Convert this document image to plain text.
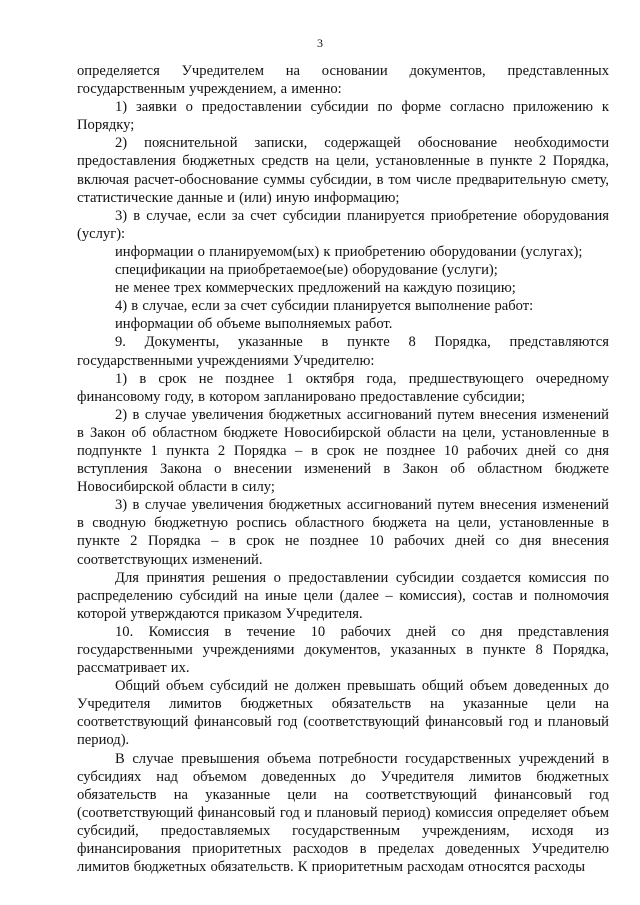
3

определяется Учредителем на основании документов, представленных государственным учреждением, а именно:

1) заявки о предоставлении субсидии по форме согласно приложению к Порядку;

2) пояснительной записки, содержащей обоснование необходимости предоставления бюджетных средств на цели, установленные в пункте 2 Порядка, включая расчет-обоснование суммы субсидии, в том числе предварительную смету, статистические данные и (или) иную информацию;

3) в случае, если за счет субсидии планируется приобретение оборудования (услуг):

информации о планируемом(ых) к приобретению оборудовании (услугах);

спецификации на приобретаемое(ые) оборудование (услуги);

не менее трех коммерческих предложений на каждую позицию;

4) в случае, если за счет субсидии планируется выполнение работ:

информации об объеме выполняемых работ.

9. Документы, указанные в пункте 8 Порядка, представляются государственными учреждениями Учредителю:

1) в срок не позднее 1 октября года, предшествующего очередному финансовому году, в котором запланировано предоставление субсидии;

2) в случае увеличения бюджетных ассигнований путем внесения изменений в Закон об областном бюджете Новосибирской области на цели, установленные в подпункте 1 пункта 2 Порядка – в срок не позднее 10 рабочих дней со дня вступления Закона о внесении изменений в Закон об областном бюджете Новосибирской области в силу;

3) в случае увеличения бюджетных ассигнований путем внесения изменений в сводную бюджетную роспись областного бюджета на цели, установленные в пункте 2 Порядка – в срок не позднее 10 рабочих дней со дня внесения соответствующих изменений.

Для принятия решения о предоставлении субсидии создается комиссия по распределению субсидий на иные цели (далее – комиссия), состав и полномочия которой утверждаются приказом Учредителя.

10. Комиссия в течение 10 рабочих дней со дня представления государственными учреждениями документов, указанных в пункте 8 Порядка, рассматривает их.

Общий объем субсидий не должен превышать общий объем доведенных до Учредителя лимитов бюджетных обязательств на указанные цели на соответствующий финансовый год (соответствующий финансовый год и плановый период).

В случае превышения объема потребности государственных учреждений в субсидиях над объемом доведенных до Учредителя лимитов бюджетных обязательств на указанные цели на соответствующий финансовый год (соответствующий финансовый год и плановый период) комиссия определяет объем субсидий, предоставляемых государственным учреждениям, исходя из финансирования приоритетных расходов в пределах доведенных Учредителю лимитов бюджетных обязательств. К приоритетным расходам относятся расходы
